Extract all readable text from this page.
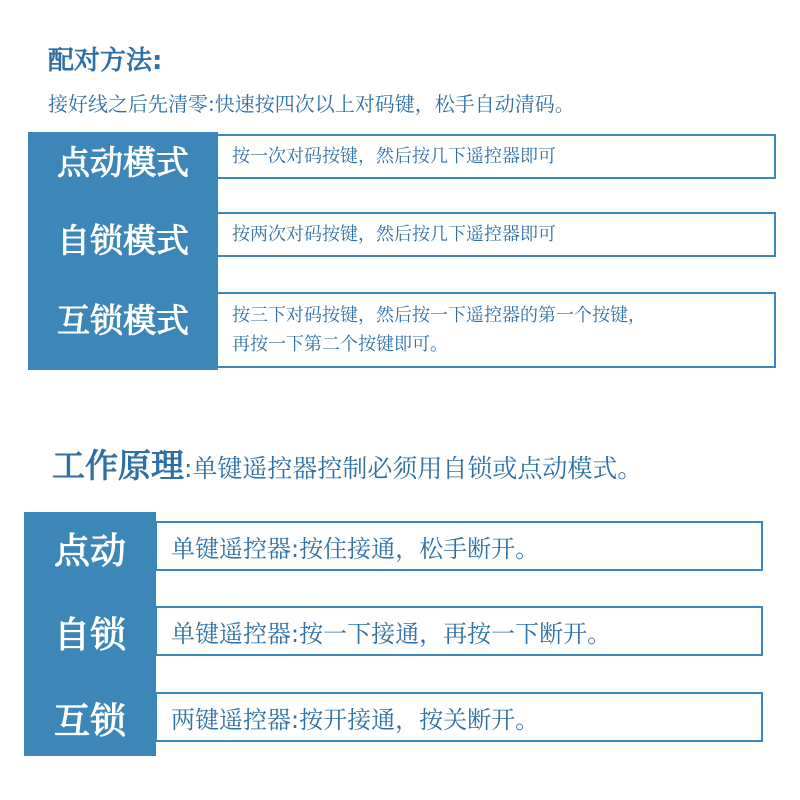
配对方法:
接好线之后先清零:快速按四次以上对码键，松手自动清码。
点动模式	按一次对码按键，然后按几下遥控器即可
自锁模式	按两次对码按键，然后按几下遥控器即可
互锁模式	按三下对码按键，然后按一下遥控器的第一个按键，
再按一下第二个按键即可。
工作原理:单键遥控器控制必须用自锁或点动模式。
点动	单键遥控器:按住接通，松手断开。
自锁	单键遥控器:按一下接通，再按一下断开。
互锁	两键遥控器:按开接通，按关断开。
